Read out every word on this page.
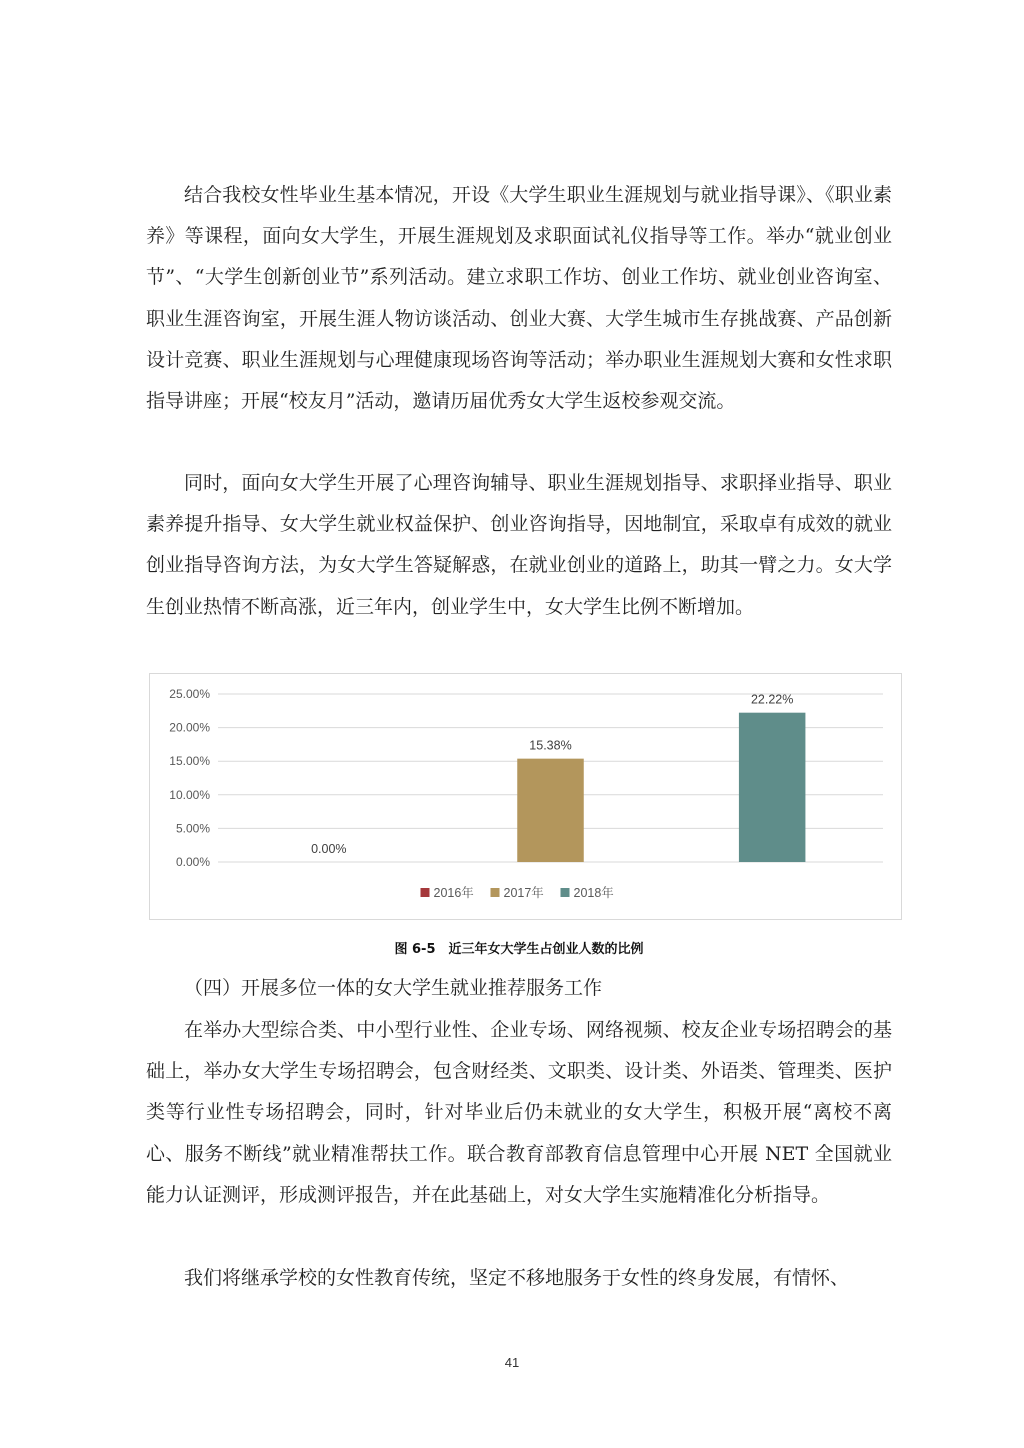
结合我校女性毕业生基本情况，开设《大学生职业生涯规划与就业指导课》、《职业素养》等课程，面向女大学生，开展生涯规划及求职面试礼仪指导等工作。举办“就业创业节”、“大学生创新创业节”系列活动。建立求职工作坊、创业工作坊、就业创业咨询室、职业生涯咨询室，开展生涯人物访谈活动、创业大赛、大学生城市生存挑战赛、产品创新设计竞赛、职业生涯规划与心理健康现场咨询等活动；举办职业生涯规划大赛和女性求职指导讲座；开展“校友月”活动，邀请历届优秀女大学生返校参观交流。

同时，面向女大学生开展了心理咨询辅导、职业生涯规划指导、求职择业指导、职业素养提升指导、女大学生就业权益保护、创业咨询指导，因地制宜，采取卓有成效的就业创业指导咨询方法，为女大学生答疑解惑，在就业创业的道路上，助其一臂之力。女大学生创业热情不断高涨，近三年内，创业学生中，女大学生比例不断增加。

0.00%
5.00%
10.00%
15.00%
20.00%
25.00%
0.00%
15.38%
22.22%
2016年 2017年 2018年

图 6-5　近三年女大学生占创业人数的比例

（四）开展多位一体的女大学生就业推荐服务工作

在举办大型综合类、中小型行业性、企业专场、网络视频、校友企业专场招聘会的基础上，举办女大学生专场招聘会，包含财经类、文职类、设计类、外语类、管理类、医护类等行业性专场招聘会，同时，针对毕业后仍未就业的女大学生，积极开展“离校不离心、服务不断线”就业精准帮扶工作。联合教育部教育信息管理中心开展 NET 全国就业能力认证测评，形成测评报告，并在此基础上，对女大学生实施精准化分析指导。

我们将继承学校的女性教育传统，坚定不移地服务于女性的终身发展，有情怀、

41
